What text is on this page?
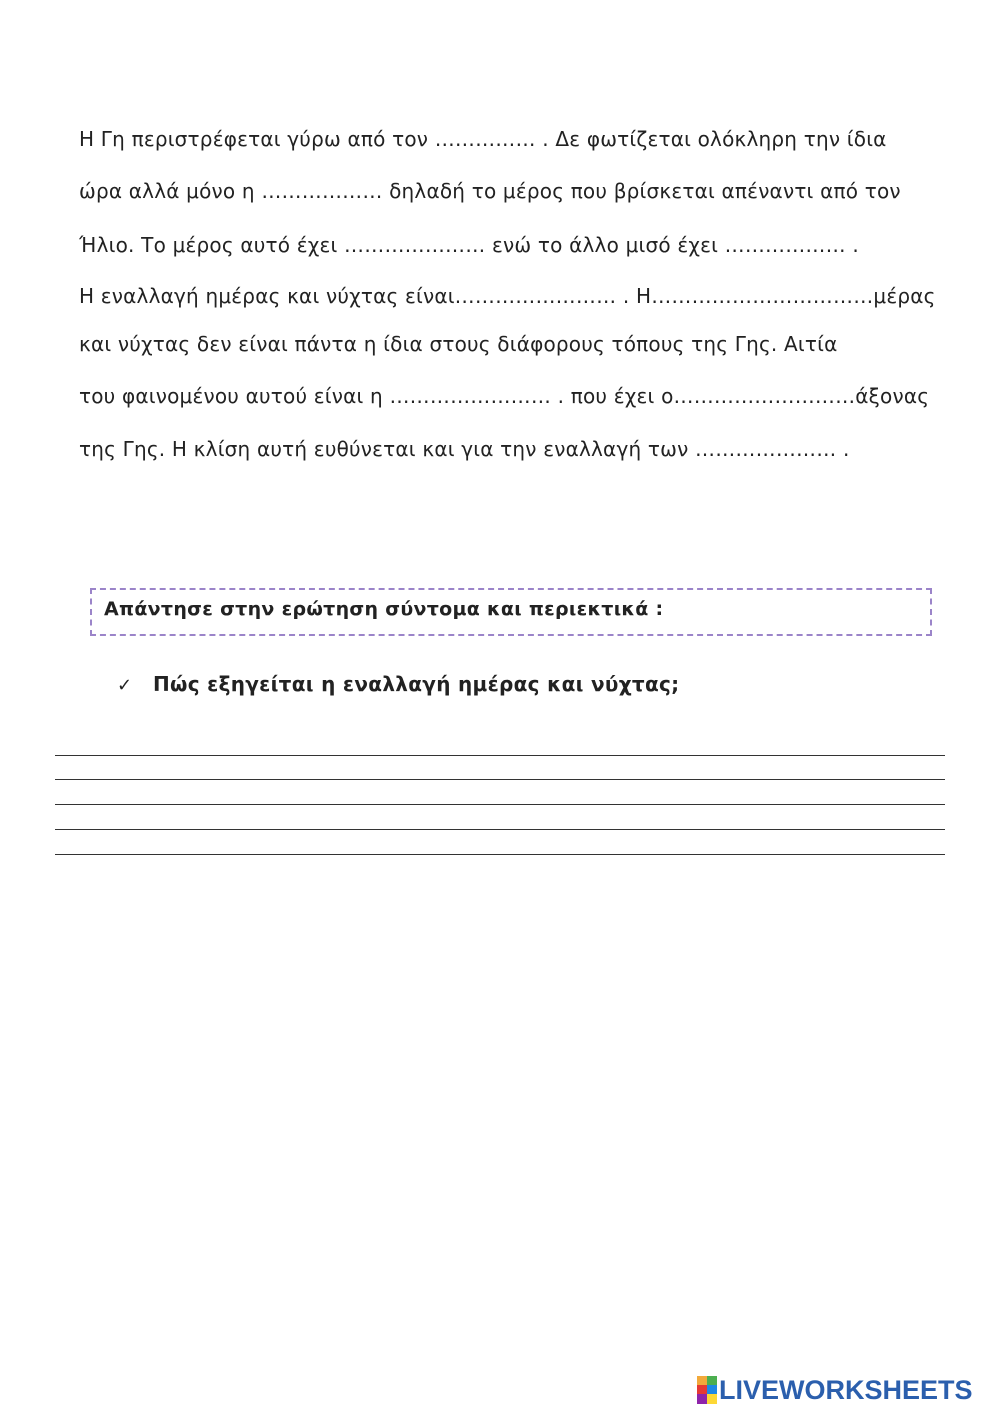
Η Γη περιστρέφεται γύρω από τον …………… . Δε φωτίζεται ολόκληρη την ίδια
ώρα αλλά μόνο η ……………… δηλαδή το μέρος που βρίσκεται απέναντι από τον
Ήλιο. Το μέρος αυτό έχει ………………… ενώ το άλλο μισό έχει ……………… .
Η εναλλαγή ημέρας και νύχτας είναι…………………… . Η……………………………μέρας
και νύχτας δεν είναι πάντα η ίδια στους διάφορους τόπους της Γης. Αιτία
του φαινομένου αυτού είναι η …………………… . που έχει ο………………………άξονας
της Γης. Η κλίση αυτή ευθύνεται και για την εναλλαγή των ………………… .
Απάντησε στην ερώτηση σύντομα και περιεκτικά :
✓ Πώς εξηγείται η εναλλαγή ημέρας και νύχτας;
LIVEWORKSHEETS
